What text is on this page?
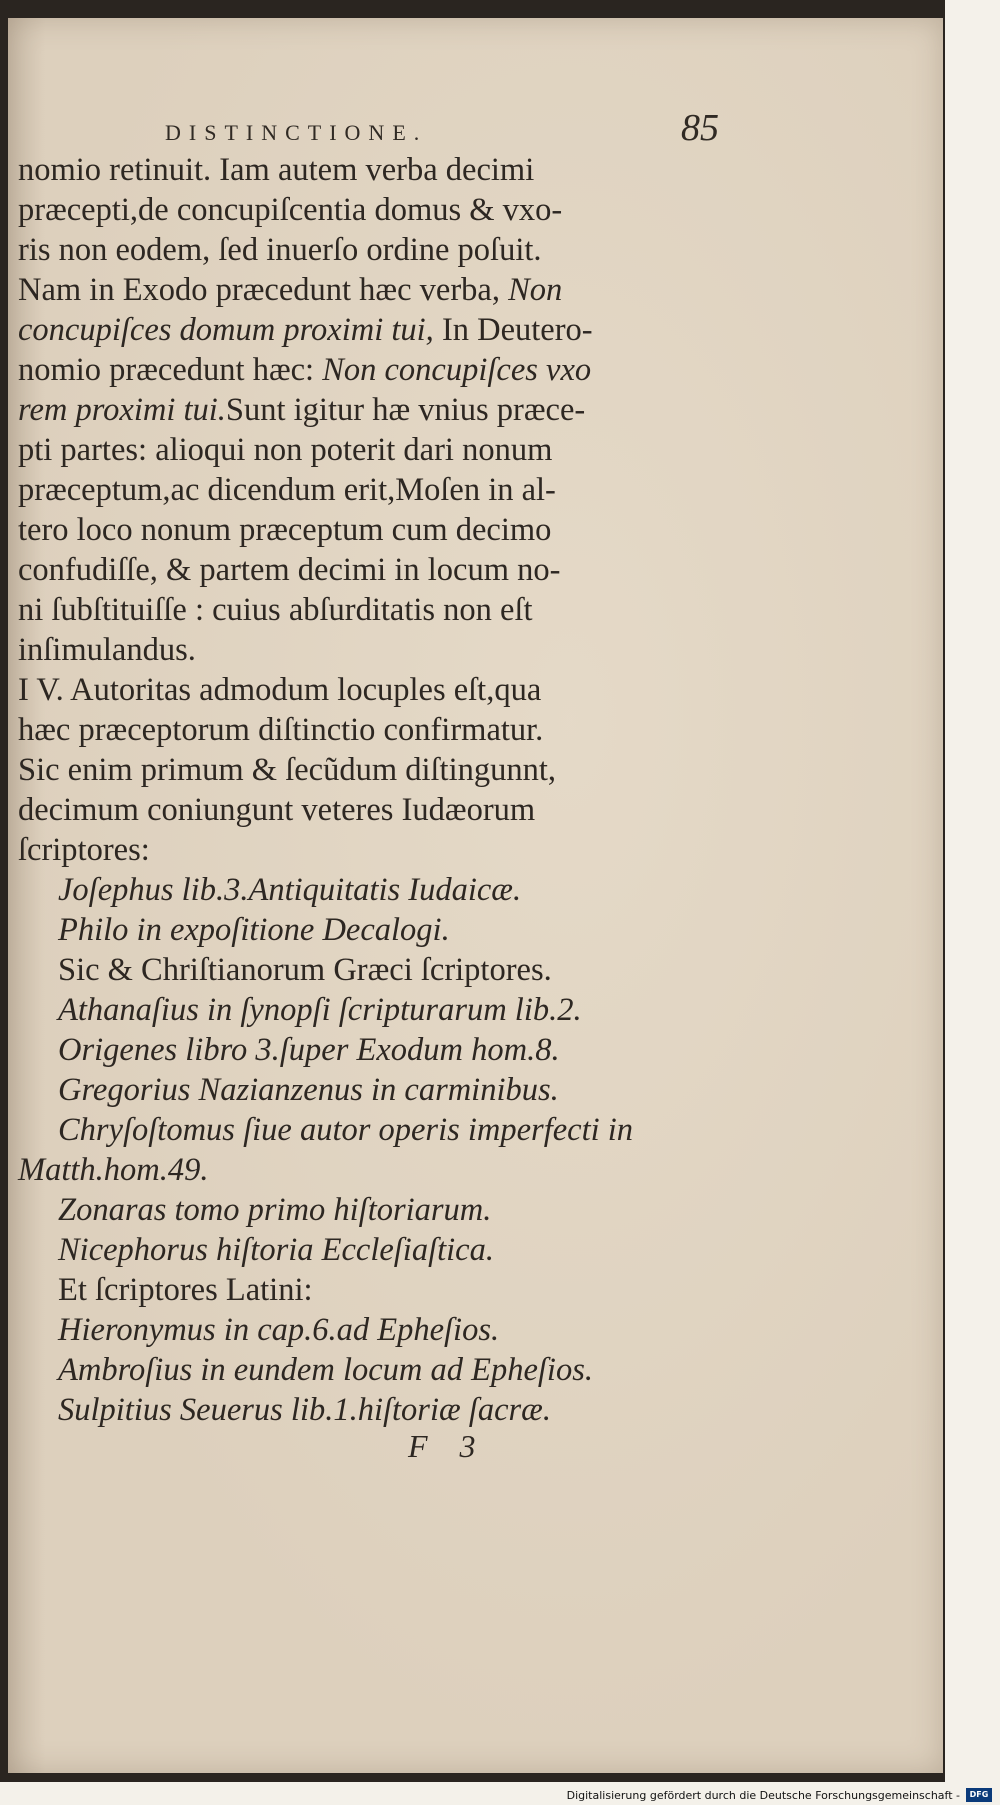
DISTINCTIONE.	85
nomio retinuit. Iam autem verba decimi
præcepti,de concupiſcentia domus & vxo-
ris non eodem, ſed inuerſo ordine poſuit.
Nam in Exodo præcedunt hæc verba, Non
concupiſces domum proximi tui, In Deutero-
nomio præcedunt hæc: Non concupiſces vxo
rem proximi tui.Sunt igitur hæ vnius præce-
pti partes: alioqui non poterit dari nonum
præceptum,ac dicendum erit,Moſen in al-
tero loco nonum præceptum cum decimo
confudiſſe, & partem decimi in locum no-
ni ſubſtituiſſe : cuius abſurditatis non eſt
inſimulandus.
I V. Autoritas admodum locuples eſt,qua
hæc præceptorum diſtinctio confirmatur.
Sic enim primum & ſecũdum diſtingunnt,
decimum coniungunt veteres Iudæorum
ſcriptores:
Joſephus lib.3.Antiquitatis Iudaicæ.
Philo in expoſitione Decalogi.
Sic & Chriſtianorum Græci ſcriptores.
Athanaſius in ſynopſi ſcripturarum lib.2.
Origenes libro 3.ſuper Exodum hom.8.
Gregorius Nazianzenus in carminibus.
Chryſoſtomus ſiue autor operis imperfecti in
Matth.hom.49.
Zonaras tomo primo hiſtoriarum.
Nicephorus hiſtoria Eccleſiaſtica.
Et ſcriptores Latini:
Hieronymus in cap.6.ad Epheſios.
Ambroſius in eundem locum ad Epheſios.
Sulpitius Seuerus lib.1.hiſtoriæ ſacræ.
F 3
Digitalisierung gefördert durch die Deutsche Forschungsgemeinschaft -	DFG
